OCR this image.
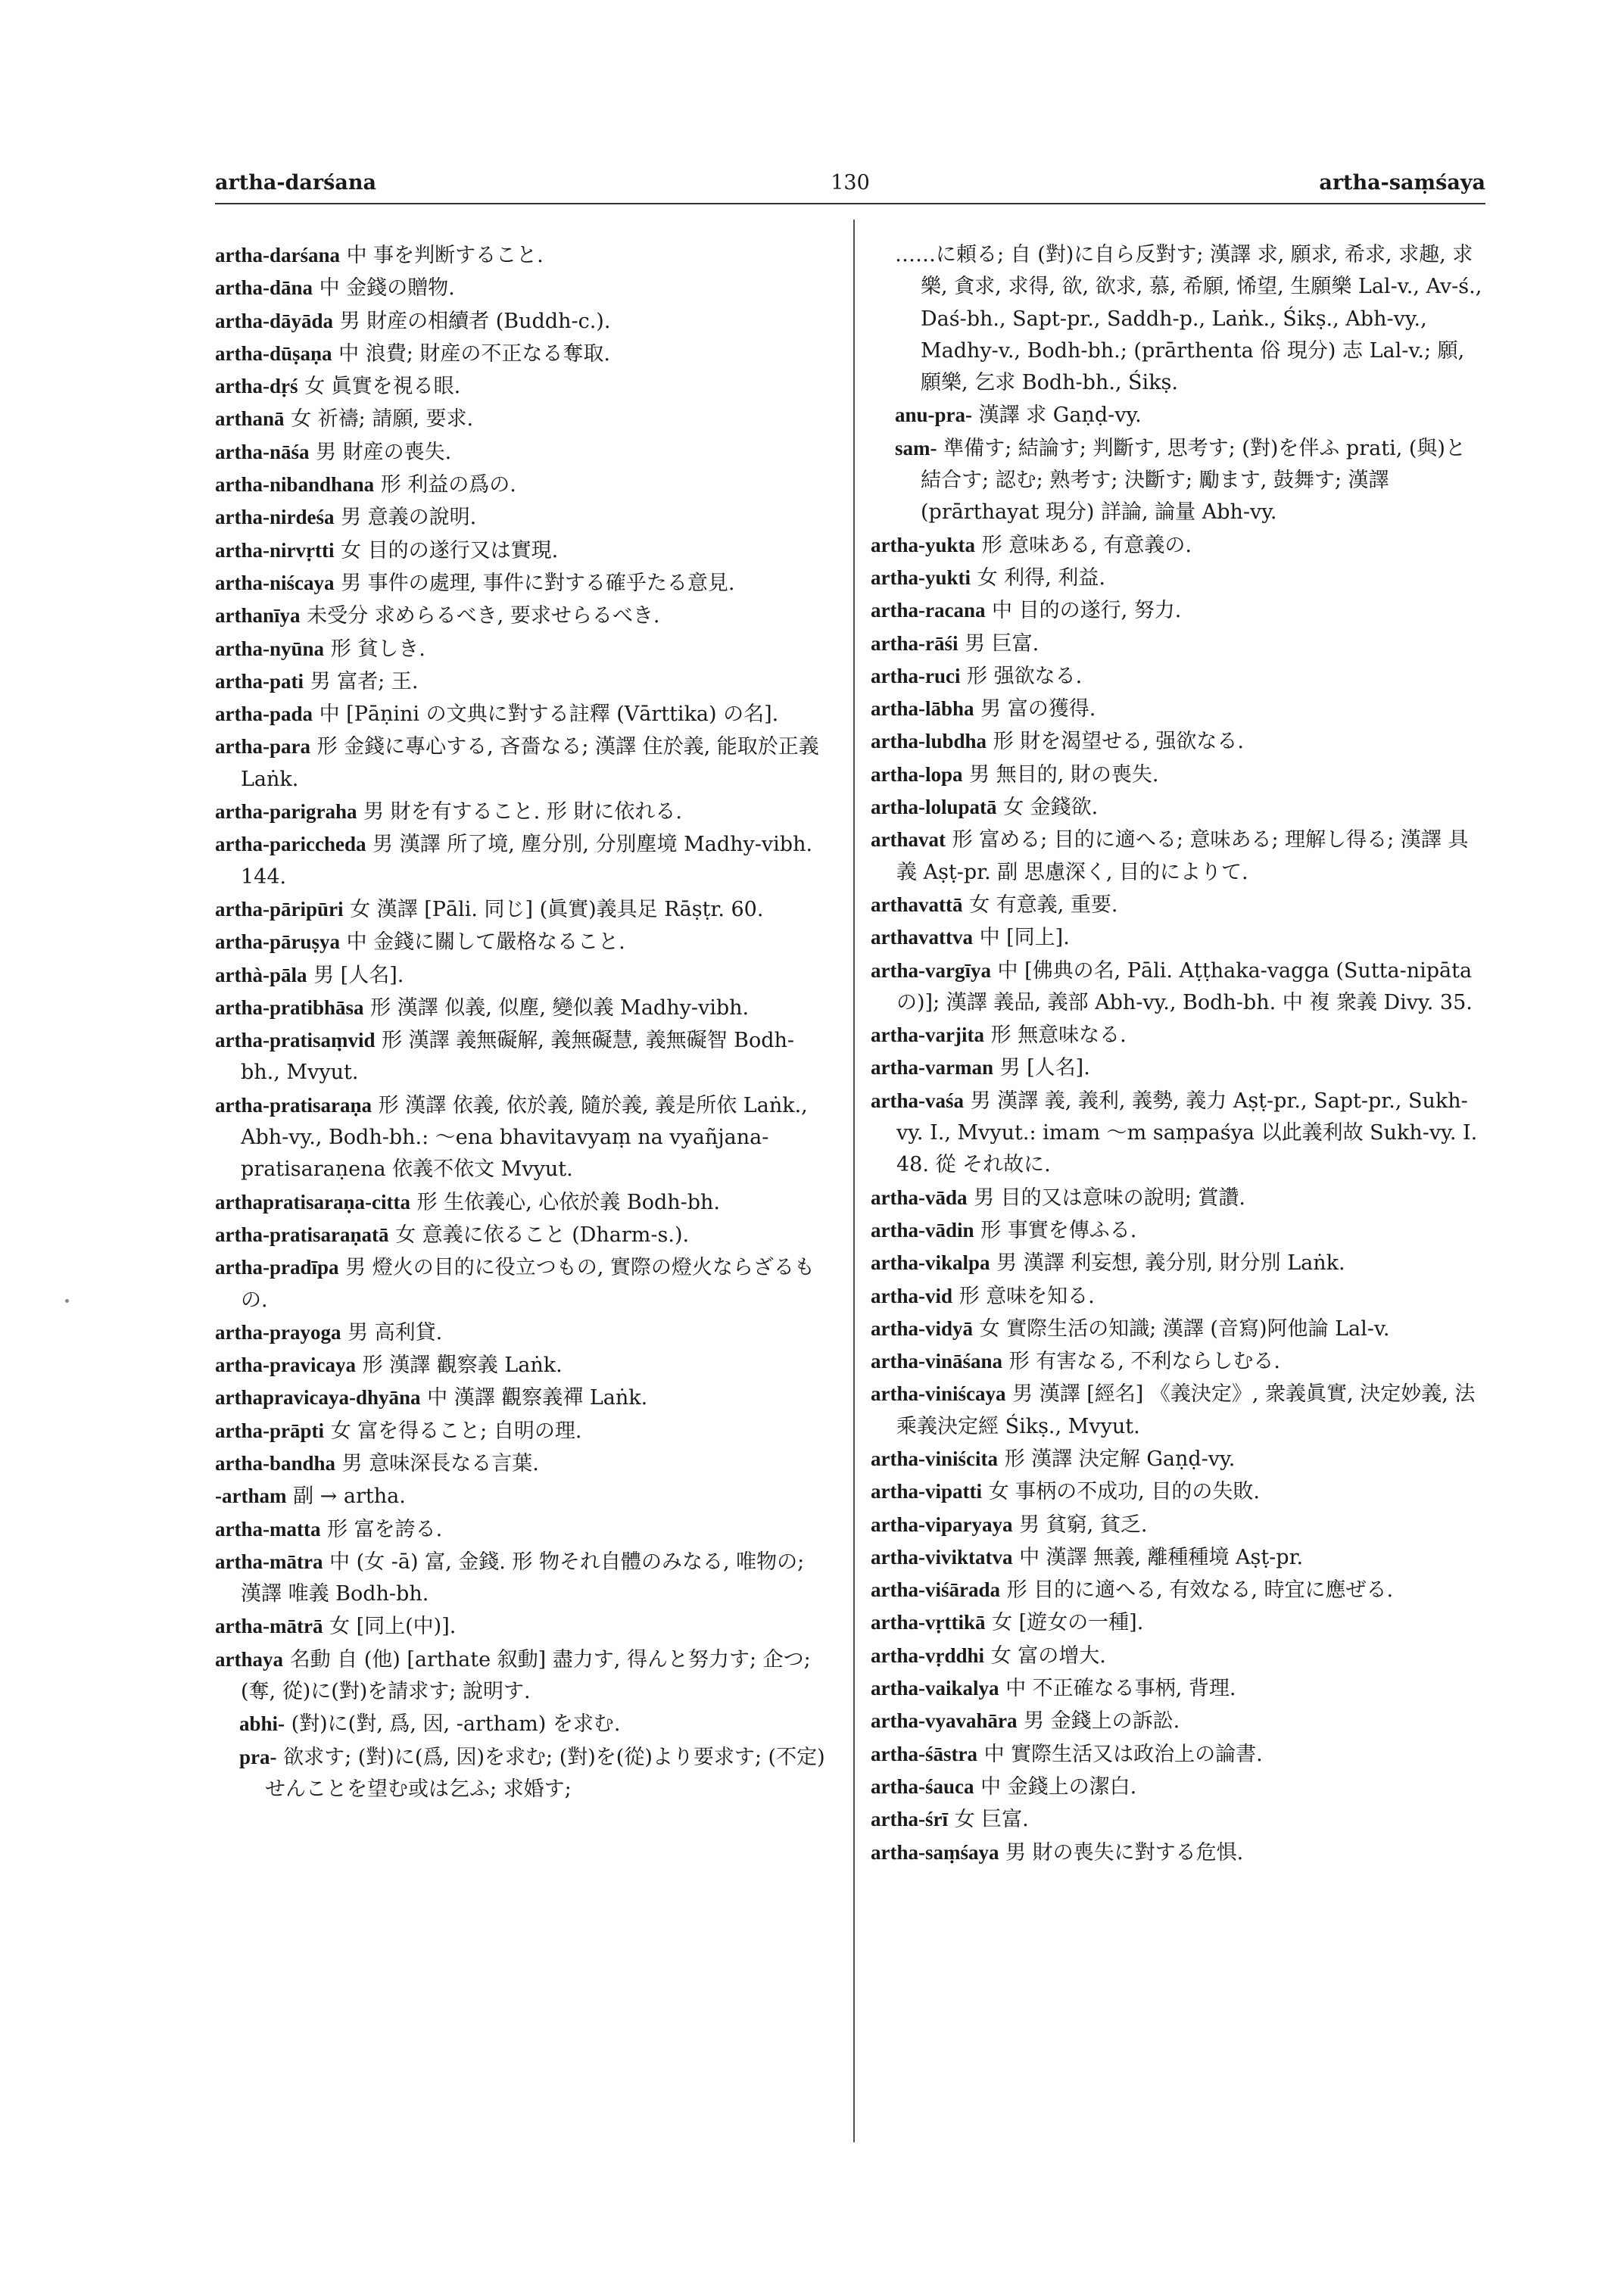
artha-darśana	130	artha-saṃśaya

artha-darśana 中 事を判断すること.

artha-dāna 中 金錢の贈物.

artha-dāyāda 男 財産の相續者 (Buddh-c.).

artha-dūṣaṇa 中 浪費; 財産の不正なる奪取.

artha-dṛś 女 眞實を視る眼.

arthanā 女 祈禱; 請願, 要求.

artha-nāśa 男 財産の喪失.

artha-nibandhana 形 利益の爲の.

artha-nirdeśa 男 意義の說明.

artha-nirvṛtti 女 目的の遂行又は實現.

artha-niścaya 男 事件の處理, 事件に對する確乎たる意見.

arthanīya 未受分 求めらるべき, 要求せらるべき.

artha-nyūna 形 貧しき.

artha-pati 男 富者; 王.

artha-pada 中 [Pāṇini の文典に對する註釋 (Vārttika) の名].

artha-para 形 金錢に專心する, 吝嗇なる; 漢譯 住於義, 能取於正義 Laṅk.

artha-parigraha 男 財を有すること. 形 財に依れる.

artha-pariccheda 男 漢譯 所了境, 塵分別, 分別塵境 Madhy-vibh. 144.

artha-pāripūri 女 漢譯 [Pāli. 同じ] (眞實)義具足 Rāṣṭr. 60.

artha-pāruṣya 中 金錢に關して嚴格なること.

arthà-pāla 男 [人名].

artha-pratibhāsa 形 漢譯 似義, 似塵, 變似義 Madhy-vibh.

artha-pratisaṃvid 形 漢譯 義無礙解, 義無礙慧, 義無礙智 Bodh-bh., Mvyut.

artha-pratisaraṇa 形 漢譯 依義, 依於義, 隨於義, 義是所依 Laṅk., Abh-vy., Bodh-bh.: ～ena bhavitavyaṃ na vyañjana-pratisaraṇena 依義不依文 Mvyut.

arthapratisaraṇa-citta 形 生依義心, 心依於義 Bodh-bh.

artha-pratisaraṇatā 女 意義に依ること (Dharm-s.).

artha-pradīpa 男 燈火の目的に役立つもの, 實際の燈火ならざるもの.

artha-prayoga 男 高利貸.

artha-pravicaya 形 漢譯 觀察義 Laṅk.

arthapravicaya-dhyāna 中 漢譯 觀察義禪 Laṅk.

artha-prāpti 女 富を得ること; 自明の理.

artha-bandha 男 意味深長なる言葉.

-artham 副 → artha.

artha-matta 形 富を誇る.

artha-mātra 中 (女 -ā) 富, 金錢. 形 物それ自體のみなる, 唯物の; 漢譯 唯義 Bodh-bh.

artha-mātrā 女 [同上(中)].

arthaya 名動 自 (他) [arthate 叙動] 盡力す, 得んと努力す; 企つ; (奪, 從)に(對)を請求す; 說明す.

abhi- (對)に(對, 爲, 因, -artham) を求む.

pra- 欲求す; (對)に(爲, 因)を求む; (對)を(從)より要求す; (不定)せんことを望む或は乞ふ; 求婚す;

……に頼る; 自 (對)に自ら反對す; 漢譯 求, 願求, 希求, 求趣, 求樂, 貪求, 求得, 欲, 欲求, 慕, 希願, 悕望, 生願樂 Lal-v., Av-ś., Daś-bh., Sapt-pr., Saddh-p., Laṅk., Śikṣ., Abh-vy., Madhy-v., Bodh-bh.; (prārthenta 俗 現分) 志 Lal-v.; 願, 願樂, 乞求 Bodh-bh., Śikṣ.

anu-pra- 漢譯 求 Gaṇḍ-vy.

sam- 準備す; 結論す; 判斷す, 思考す; (對)を伴ふ prati, (與)と結合す; 認む; 熟考す; 決斷す; 勵ます, 鼓舞す; 漢譯 (prārthayat 現分) 詳論, 論量 Abh-vy.

artha-yukta 形 意味ある, 有意義の.

artha-yukti 女 利得, 利益.

artha-racana 中 目的の遂行, 努力.

artha-rāśi 男 巨富.

artha-ruci 形 强欲なる.

artha-lābha 男 富の獲得.

artha-lubdha 形 財を渴望せる, 强欲なる.

artha-lopa 男 無目的, 財の喪失.

artha-lolupatā 女 金錢欲.

arthavat 形 富める; 目的に適へる; 意味ある; 理解し得る; 漢譯 具義 Aṣṭ-pr. 副 思慮深く, 目的によりて.

arthavattā 女 有意義, 重要.

arthavattva 中 [同上].

artha-vargīya 中 [佛典の名, Pāli. Aṭṭhaka-vagga (Sutta-nipāta の)]; 漢譯 義品, 義部 Abh-vy., Bodh-bh. 中 複 衆義 Divy. 35.

artha-varjita 形 無意味なる.

artha-varman 男 [人名].

artha-vaśa 男 漢譯 義, 義利, 義勢, 義力 Aṣṭ-pr., Sapt-pr., Sukh-vy. I., Mvyut.: imam ～m saṃpaśya 以此義利故 Sukh-vy. I. 48. 從 それ故に.

artha-vāda 男 目的又は意味の說明; 賞讚.

artha-vādin 形 事實を傳ふる.

artha-vikalpa 男 漢譯 利妄想, 義分別, 財分別 Laṅk.

artha-vid 形 意味を知る.

artha-vidyā 女 實際生活の知識; 漢譯 (音寫)阿他論 Lal-v.

artha-vināśana 形 有害なる, 不利ならしむる.

artha-viniścaya 男 漢譯 [經名] 《義決定》, 衆義眞實, 決定妙義, 法乘義決定經 Śikṣ., Mvyut.

artha-viniścita 形 漢譯 決定解 Gaṇḍ-vy.

artha-vipatti 女 事柄の不成功, 目的の失敗.

artha-viparyaya 男 貧窮, 貧乏.

artha-viviktatva 中 漢譯 無義, 離種種境 Aṣṭ-pr.

artha-viśārada 形 目的に適へる, 有效なる, 時宜に應ぜる.

artha-vṛttikā 女 [遊女の一種].

artha-vṛddhi 女 富の增大.

artha-vaikalya 中 不正確なる事柄, 背理.

artha-vyavahāra 男 金錢上の訴訟.

artha-śāstra 中 實際生活又は政治上の論書.

artha-śauca 中 金錢上の潔白.

artha-śrī 女 巨富.

artha-saṃśaya 男 財の喪失に對する危惧.
